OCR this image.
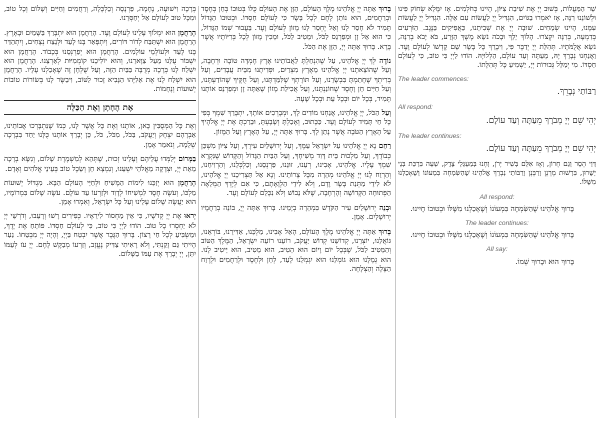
שֵׁר הַמַּעֲלוֹת, בְּשׁוּב יְיָ אֶת שִׁיבַת צִיּוֹן, הָיִינוּ כְּחֹלְמִים. אָז יִמָּלֵא שְׂחוֹק פִּינוּ וּלְשׁוֹנֵנוּ רִנָּה, אָז יֹאמְרוּ בַגּוֹיִם, הִגְדִּיל יְיָ לַעֲשׂוֹת עִם אֵלֶּה. הִגְדִּיל יְיָ לַעֲשׂוֹת עִמָּנוּ, הָיִינוּ שְׂמֵחִים. שׁוּבָה יְיָ אֶת שְׁבִיתֵנוּ, כַּאֲפִיקִים בַּנֶּגֶב. הַזֹּרְעִים בְּדִמְעָה, בְּרִנָּה יִקְצֹרוּ. הָלוֹךְ יֵלֵךְ וּבָכֹה נֹשֵׂא מֶשֶׁךְ הַזָּרַע, בֹּא יָבֹא בְרִנָּה, נֹשֵׂא אֲלֻמֹּתָיו. תְּהִלַּת יְיָ יְדַבֶּר פִּי, וִיבָרֵךְ כָּל בָּשָׂר שֵׁם קָדְשׁוֹ לְעוֹלָם וָעֶד. וַאֲנַחְנוּ נְבָרֵךְ יָהּ, מֵעַתָּה וְעַד עוֹלָם, הַלְלוּיָהּ. הוֹדוּ לַיְיָ כִּי טוֹב, כִּי לְעוֹלָם חַסְדּוֹ. מִי יְמַלֵּל גְּבוּרוֹת יְיָ, יַשְׁמִיעַ כָּל תְּהִלָּתוֹ.

The leader commences:
רַבּוֹתַי נְבָרֵךְ.
All respond:
יְהִי שֵׁם יְיָ מְבֹרָךְ מֵעַתָּה וְעַד עוֹלָם.
The leader continues:
יְהִי שֵׁם יְיָ מְבֹרָךְ מֵעַתָּה וְעַד עוֹלָם.

דְּוַי הָסֵר וְגַם חָרוֹן, וְאָז אִלֵּם בְּשִׁיר יָרֹן, וְחָנוּ בְּמַעְגְּלֵי צֶדֶק, שְׁעֵה בִּרְכַּת בְּנֵי יְשֻׁרוּן, בִּרְשׁוּת מָרָנָן וְרַבָּנָן וְרַבּוֹתַי נְבָרֵךְ אֱלֹהֵינוּ שֶׁהַשִּׂמְחָה בִּמְעוֹנוֹ וְשֶׁאָכַלְנוּ מִשֶּׁלּוֹ.

All respond:
בָּרוּךְ אֱלֹהֵינוּ שֶׁהַשִּׂמְחָה בִּמְעוֹנוֹ וְשֶׁאָכַלְנוּ מִשֶּׁלּוֹ וּבְטוּבוֹ חָיִינוּ.
The leader continues:
בָּרוּךְ אֱלֹהֵינוּ שֶׁהַשִּׂמְחָה בִּמְעוֹנוֹ וְשֶׁאָכַלְנוּ מִשֶּׁלּוֹ וּבְטוּבוֹ חָיִינוּ.
All say:
בָּרוּךְ הוּא וּבָרוּךְ שְׁמוֹ.

בָּרוּךְ אַתָּה יְיָ אֱלֹהֵינוּ מֶלֶךְ הָעוֹלָם, הַזָּן אֶת הָעוֹלָם כֻּלּוֹ בְּטוּבוֹ בְּחֵן בְּחֶסֶד וּבְרַחֲמִים, הוּא נוֹתֵן לֶחֶם לְכָל בָּשָׂר כִּי לְעוֹלָם חַסְדּוֹ. וּבְטוּבוֹ הַגָּדוֹל תָּמִיד לֹא חָסַר לָנוּ וְאַל יֶחְסַר לָנוּ מָזוֹן לְעוֹלָם וָעֶד. בַּעֲבוּר שְׁמוֹ הַגָּדוֹל, כִּי הוּא אֵל זָן וּמְפַרְנֵס לַכֹּל, וּמֵטִיב לַכֹּל, וּמֵכִין מָזוֹן לְכָל בְּרִיּוֹתָיו אֲשֶׁר בָּרָא. בָּרוּךְ אַתָּה יְיָ, הַזָּן אֶת הַכֹּל.

נוֹדֶה לְּךָ יְיָ אֱלֹהֵינוּ, עַל שֶׁהִנְחַלְתָּ לַאֲבוֹתֵינוּ אֶרֶץ חֶמְדָּה טוֹבָה וּרְחָבָה, וְעַל שֶׁהוֹצֵאתָנוּ יְיָ אֱלֹהֵינוּ מֵאֶרֶץ מִצְרַיִם, וּפְדִיתָנוּ מִבֵּית עֲבָדִים, וְעַל בְּרִיתְךָ שֶׁחָתַמְתָּ בִּבְשָׂרֵנוּ, וְעַל תּוֹרָתְךָ שֶׁלִּמַּדְתָּנוּ, וְעַל חֻקֶּיךָ שֶׁהוֹדַעְתָּנוּ, וְעַל חַיִּים חֵן וָחֶסֶד שֶׁחוֹנַנְתָּנוּ, וְעַל אֲכִילַת מָזוֹן שָׁאַתָּה זָן וּמְפַרְנֵס אוֹתָנוּ תָּמִיד, בְּכָל יוֹם וּבְכָל עֵת וּבְכָל שָׁעָה.

וְעַל הַכֹּל, יְיָ אֱלֹהֵינוּ, אֲנַחְנוּ מוֹדִים לָךְ, וּמְבָרְכִים אוֹתָךְ, יִתְבָּרַךְ שִׁמְךָ בְּפִי כָּל חַי תָּמִיד לְעוֹלָם וָעֶד. כַּכָּתוּב, וְאָכַלְתָּ וְשָׂבָעְתָּ, וּבֵרַכְתָּ אֶת יְיָ אֱלֹהֶיךָ עַל הָאָרֶץ הַטֹּבָה אֲשֶׁר נָתַן לָךְ. בָּרוּךְ אַתָּה יְיָ, עַל הָאָרֶץ וְעַל הַמָּזוֹן.

רַחֵם נָא יְיָ אֱלֹהֵינוּ עַל יִשְׂרָאֵל עַמֶּךָ, וְעַל יְרוּשָׁלַיִם עִירֶךָ, וְעַל צִיּוֹן מִשְׁכַּן כְּבוֹדֶךָ, וְעַל מַלְכוּת בֵּית דָּוִד מְשִׁיחֶךָ, וְעַל הַבַּיִת הַגָּדוֹל וְהַקָּדוֹשׁ שֶׁנִּקְרָא שִׁמְךָ עָלָיו. אֱלֹהֵינוּ, אָבִינוּ, רְעֵנוּ, זוּנֵנוּ, פַּרְנְסֵנוּ, וְכַלְכְּלֵנוּ, וְהַרְוִיחֵנוּ, וְהַרְוַח לָנוּ יְיָ אֱלֹהֵינוּ מְהֵרָה מִכָּל צָרוֹתֵינוּ. וְנָא אַל תַּצְרִיכֵנוּ יְיָ אֱלֹהֵינוּ, לֹא לִידֵי מַתְּנַת בָּשָׂר וָדָם, וְלֹא לִידֵי הַלְוָאָתָם, כִּי אִם לְיָדְךָ הַמְּלֵאָה הַפְּתוּחָה הַקְּדוֹשָׁה וְהָרְחָבָה, שֶׁלֹּא נֵבוֹשׁ וְלֹא נִכָּלֵם לְעוֹלָם וָעֶד.

וּבְנֵה יְרוּשָׁלַיִם עִיר הַקֹּדֶשׁ בִּמְהֵרָה בְיָמֵינוּ. בָּרוּךְ אַתָּה יְיָ, בּוֹנֵה בְרַחֲמָיו יְרוּשָׁלָיִם. אָמֵן.

בָּרוּךְ אַתָּה יְיָ אֱלֹהֵינוּ מֶלֶךְ הָעוֹלָם, הָאֵל אָבִינוּ, מַלְכֵּנוּ, אַדִּירֵנוּ, בּוֹרְאֵנוּ, גּוֹאֲלֵנוּ, יוֹצְרֵנוּ, קְדוֹשֵׁנוּ קְדוֹשׁ יַעֲקֹב, רוֹעֵנוּ רוֹעֵה יִשְׂרָאֵל, הַמֶּלֶךְ הַטּוֹב וְהַמֵּטִיב לַכֹּל, שֶׁבְּכָל יוֹם וָיוֹם הוּא הֵטִיב, הוּא מֵטִיב, הוּא יֵיטִיב לָנוּ. הוּא גְמָלָנוּ הוּא גוֹמְלֵנוּ הוּא יִגְמְלֵנוּ לָעַד, לְחֵן וּלְחֶסֶד וּלְרַחֲמִים וּלְרֶוַח הַצָּלָה וְהַצְלָחָה.

בְּרָכָה וִישׁוּעָה, נֶחָמָה, פַּרְנָסָה וְכַלְכָּלָה, וְרַחֲמִים וְחַיִּים וְשָׁלוֹם וְכָל טוֹב, וּמִכָּל טוּב לְעוֹלָם אַל יְחַסְּרֵנוּ.

הָרַחֲמָן הוּא יִמְלוֹךְ עָלֵינוּ לְעוֹלָם וָעֶד. הָרַחֲמָן הוּא יִתְבָּרַךְ בַּשָּׁמַיִם וּבָאָרֶץ. הָרַחֲמָן הוּא יִשְׁתַּבַּח לְדוֹר דּוֹרִים, וְיִתְפָּאַר בָּנוּ לָעַד וּלְנֵצַח נְצָחִים, וְיִתְהַדַּר בָּנוּ לָעַד וּלְעוֹלְמֵי עוֹלָמִים. הָרַחֲמָן הוּא יְפַרְנְסֵנוּ בְּכָבוֹד. הָרַחֲמָן הוּא יִשְׁבּוֹר עֻלֵּנוּ מֵעַל צַוָּארֵנוּ, וְהוּא יוֹלִיכֵנוּ קוֹמְמִיּוּת לְאַרְצֵנוּ. הָרַחֲמָן הוּא יִשְׁלַח לָנוּ בְּרָכָה מְרֻבָּה בַּבַּיִת הַזֶּה, וְעַל שֻׁלְחָן זֶה שֶׁאָכַלְנוּ עָלָיו. הָרַחֲמָן הוּא יִשְׁלַח לָנוּ אֶת אֵלִיָּהוּ הַנָּבִיא זָכוּר לַטּוֹב, וִיבַשֶּׂר לָנוּ בְּשׂוֹרוֹת טוֹבוֹת יְשׁוּעוֹת וְנֶחָמוֹת.

אֶת הֶחָתָן וְאֶת הַכַּלָּה

וְאֶת כָּל הַמְּסֻבִּין כָּאן, אוֹתָנוּ וְאֶת כָּל אֲשֶׁר לָנוּ, כְּמוֹ שֶׁנִּתְבָּרְכוּ אֲבוֹתֵינוּ, אַבְרָהָם יִצְחָק וְיַעֲקֹב, בַּכֹּל, מִכֹּל, כֹּל, כֵּן יְבָרֵךְ אוֹתָנוּ כֻּלָּנוּ יַחַד בִּבְרָכָה שְׁלֵמָה, וְנֹאמַר אָמֵן.

בַּמָּרוֹם יְלַמְּדוּ עֲלֵיהֶם וְעָלֵינוּ זְכוּת, שֶׁתְּהֵא לְמִשְׁמֶרֶת שָׁלוֹם, וְנִשָּׂא בְרָכָה מֵאֵת יְיָ, וּצְדָקָה מֵאֱלֹהֵי יִשְׁעֵנוּ, וְנִמְצָא חֵן וְשֵׂכֶל טוֹב בְּעֵינֵי אֱלֹהִים וְאָדָם.

הָרַחֲמָן הוּא יְזַכֵּנוּ לִימוֹת הַמָּשִׁיחַ וּלְחַיֵּי הָעוֹלָם הַבָּא. מִגְדּוֹל יְשׁוּעוֹת מַלְכּוֹ, וְעֹשֶׂה חֶסֶד לִמְשִׁיחוֹ לְדָוִד וּלְזַרְעוֹ עַד עוֹלָם. עֹשֶׂה שָׁלוֹם בִּמְרוֹמָיו, הוּא יַעֲשֶׂה שָׁלוֹם עָלֵינוּ וְעַל כָּל יִשְׂרָאֵל, וְאִמְרוּ אָמֵן.

יְראוּ אֶת יְיָ קְדֹשָׁיו, כִּי אֵין מַחְסוֹר לִירֵאָיו. כְּפִירִים רָשׁוּ וְרָעֵבוּ, וְדֹרְשֵׁי יְיָ לֹא יַחְסְרוּ כָל טוֹב. הוֹדוּ לַיְיָ כִּי טוֹב, כִּי לְעוֹלָם חַסְדּוֹ. פּוֹתֵחַ אֶת יָדֶךָ, וּמַשְׂבִּיעַ לְכָל חַי רָצוֹן. בָּרוּךְ הַגֶּבֶר אֲשֶׁר יִבְטַח בַּיְיָ, וְהָיָה יְיָ מִבְטַחוֹ. נַעַר הָיִיתִי גַּם זָקַנְתִּי, וְלֹא רָאִיתִי צַדִּיק נֶעֱזָב, וְזַרְעוֹ מְבַקֶּשׁ לָחֶם. יְיָ עֹז לְעַמּוֹ יִתֵּן, יְיָ יְבָרֵךְ אֶת עַמּוֹ בַשָּׁלוֹם.
